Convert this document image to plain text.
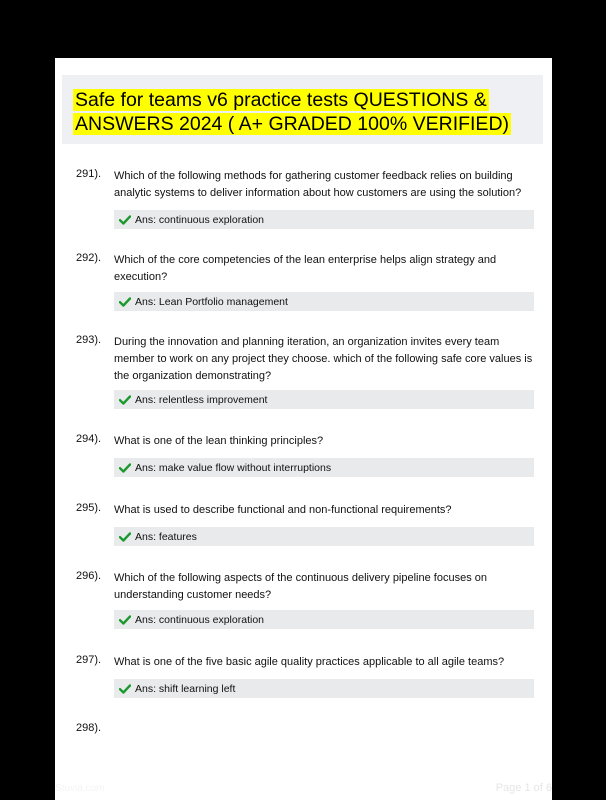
Safe for teams v6 practice tests QUESTIONS & ANSWERS 2024 ( A+ GRADED 100% VERIFIED)
291). Which of the following methods for gathering customer feedback relies on building analytic systems to deliver information about how customers are using the solution?
Ans: continuous exploration
292). Which of the core competencies of the lean enterprise helps align strategy and execution?
Ans: Lean Portfolio management
293). During the innovation and planning iteration, an organization invites every team member to work on any project they choose. which of the following safe core values is the organization demonstrating?
Ans: relentless improvement
294). What is one of the lean thinking principles?
Ans: make value flow without interruptions
295). What is used to describe functional and non-functional requirements?
Ans: features
296). Which of the following aspects of the continuous delivery pipeline focuses on understanding customer needs?
Ans: continuous exploration
297). What is one of the five basic agile quality practices applicable to all agile teams?
Ans: shift learning left
298).
Stuvia.com	Page 1 of 6
